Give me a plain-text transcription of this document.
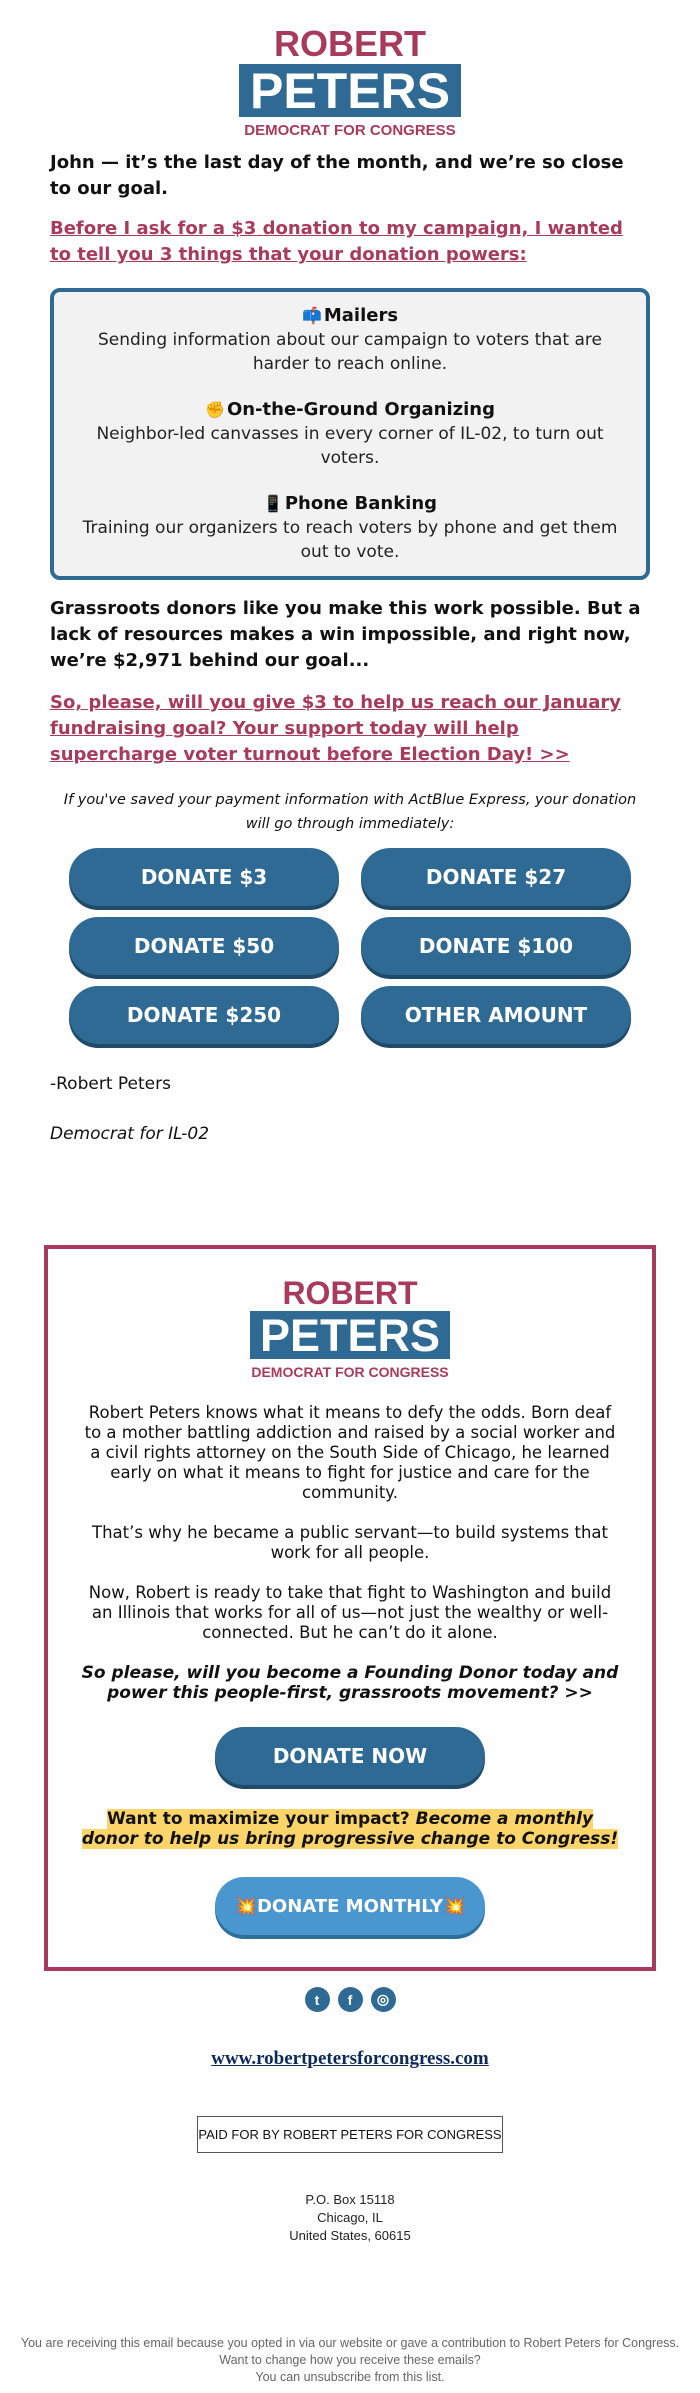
ROBERT
PETERS
DEMOCRAT FOR CONGRESS

John — it’s the last day of the month, and we’re so close to our goal.

Before I ask for a $3 donation to my campaign, I wanted to tell you 3 things that your donation powers:

📫 Mailers
Sending information about our campaign to voters that are harder to reach online.
✊ On-the-Ground Organizing
Neighbor-led canvasses in every corner of IL-02, to turn out voters.
📱 Phone Banking
Training our organizers to reach voters by phone and get them out to vote.

Grassroots donors like you make this work possible. But a lack of resources makes a win impossible, and right now, we’re $2,971 behind our goal...

So, please, will you give $3 to help us reach our January fundraising goal? Your support today will help supercharge voter turnout before Election Day! >>

If you've saved your payment information with ActBlue Express, your donation will go through immediately:

DONATE $3	DONATE $27
DONATE $50	DONATE $100
DONATE $250	OTHER AMOUNT

-Robert Peters

Democrat for IL-02

ROBERT
PETERS
DEMOCRAT FOR CONGRESS

Robert Peters knows what it means to defy the odds. Born deaf to a mother battling addiction and raised by a social worker and a civil rights attorney on the South Side of Chicago, he learned early on what it means to fight for justice and care for the community.

That’s why he became a public servant—to build systems that work for all people.

Now, Robert is ready to take that fight to Washington and build an Illinois that works for all of us—not just the wealthy or well-connected. But he can’t do it alone.

So please, will you become a Founding Donor today and power this people-first, grassroots movement? >>

DONATE NOW

Want to maximize your impact? Become a monthly donor to help us bring progressive change to Congress!

💥 DONATE MONTHLY 💥
t	f	◎
www.robertpetersforcongress.com
PAID FOR BY ROBERT PETERS FOR CONGRESS
P.O. Box 15118
Chicago, IL
United States, 60615
You are receiving this email because you opted in via our website or gave a contribution to Robert Peters for Congress. Want to change how you receive these emails?
You can unsubscribe from this list.
